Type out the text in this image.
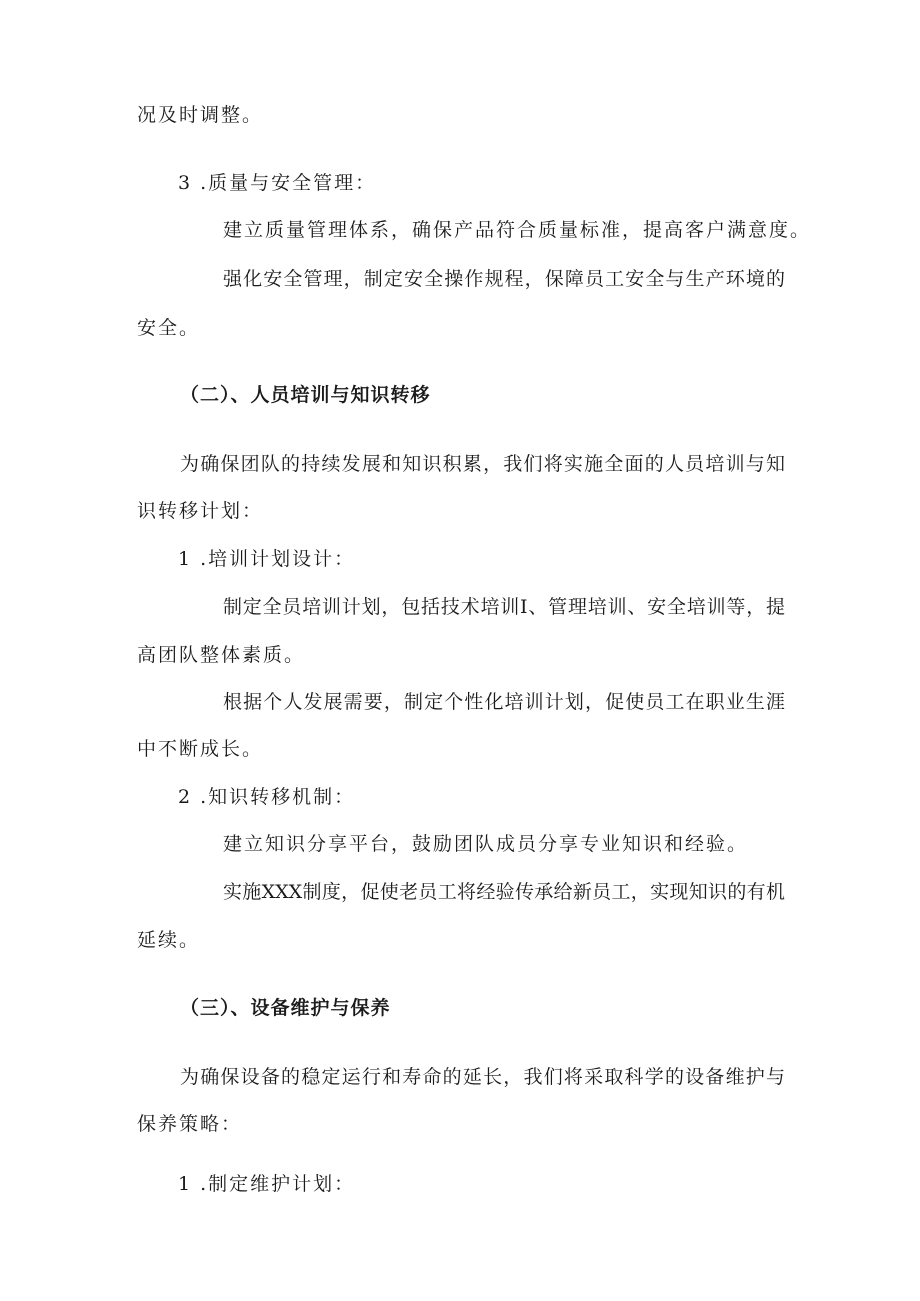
况及时调整。
3 .质量与安全管理：
建立质量管理体系，确保产品符合质量标准，提高客户满意度。
强化安全管理，制定安全操作规程，保障员工安全与生产环境的
安全。
（二）、人员培训与知识转移
为确保团队的持续发展和知识积累，我们将实施全面的人员培训与知
识转移计划：
1 .培训计划设计：
制定全员培训计划，包括技术培训I、管理培训、安全培训等，提
高团队整体素质。
根据个人发展需要，制定个性化培训计划，促使员工在职业生涯
中不断成长。
2 .知识转移机制：
建立知识分享平台，鼓励团队成员分享专业知识和经验。
实施XXX制度，促使老员工将经验传承给新员工，实现知识的有机
延续。
（三）、设备维护与保养
为确保设备的稳定运行和寿命的延长，我们将采取科学的设备维护与
保养策略：
1 .制定维护计划：
